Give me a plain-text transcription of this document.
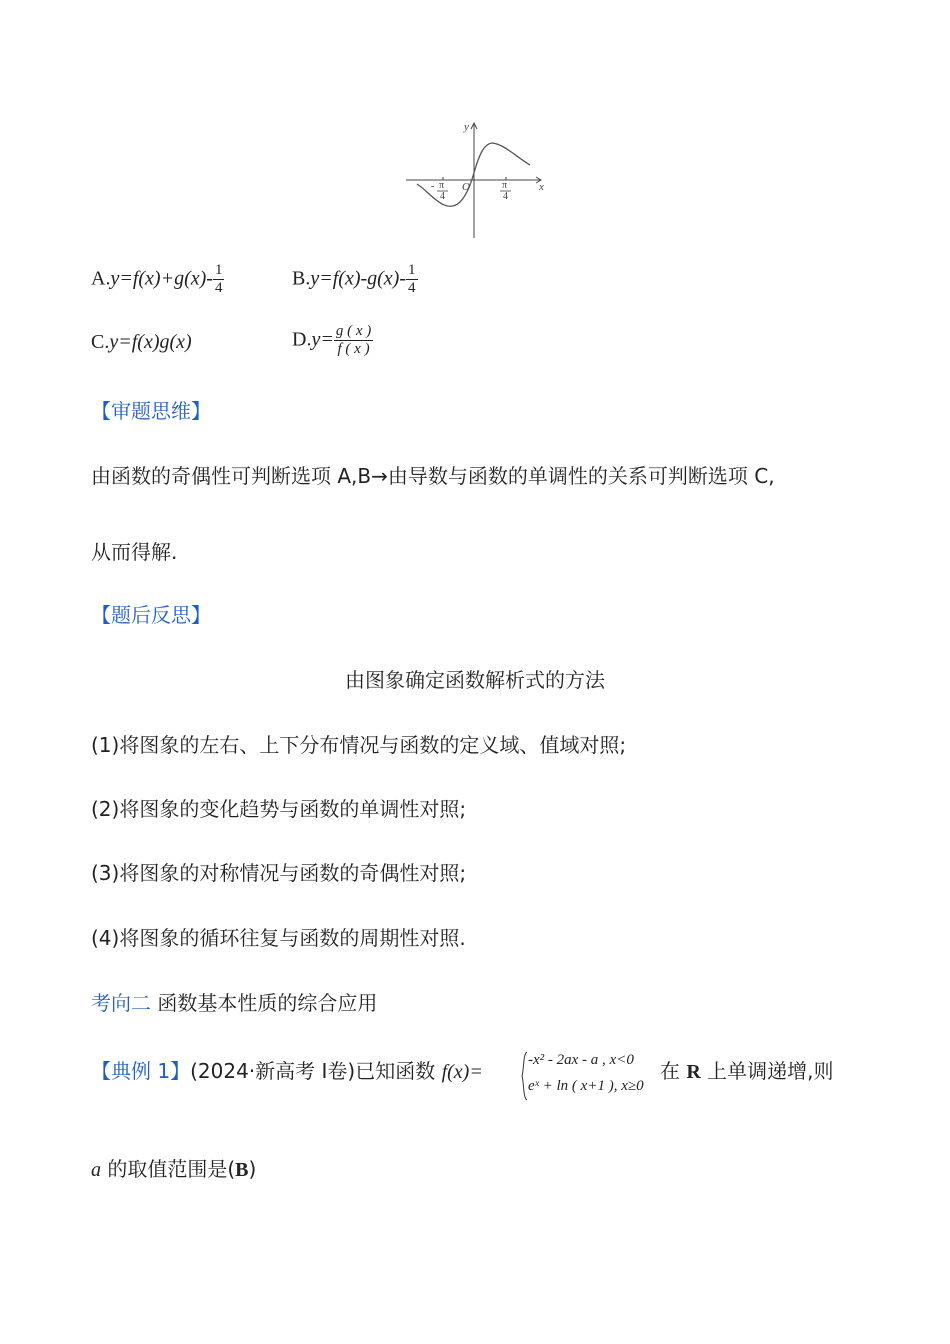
y
x
O
- π
4
π
4
$A.y=f(x)+g(x)- \frac{1}{4}$	$B.y=f(x)-g(x)- \frac{1}{4}$
C.y=f(x)g(x)	$D.y= \frac{g ( x )}{f ( x )}$
【审题思维】
由函数的奇偶性可判断选项 A,B→由导数与函数的单调性的关系可判断选项 C,
从而得解.
【题后反思】
由图象确定函数解析式的方法
(1)将图象的左右、上下分布情况与函数的定义域、值域对照;
(2)将图象的变化趋势与函数的单调性对照;
(3)将图象的对称情况与函数的奇偶性对照;
(4)将图象的循环往复与函数的周期性对照.
考向二 函数基本性质的综合应用
【典例 1】(2024·新高考 Ⅰ卷)已知函数 f(x)=
-x² - 2ax - a , x<0
eˣ + ln ( x+1 ), x≥0
在 R 上单调递增,则
a 的取值范围是(B)
